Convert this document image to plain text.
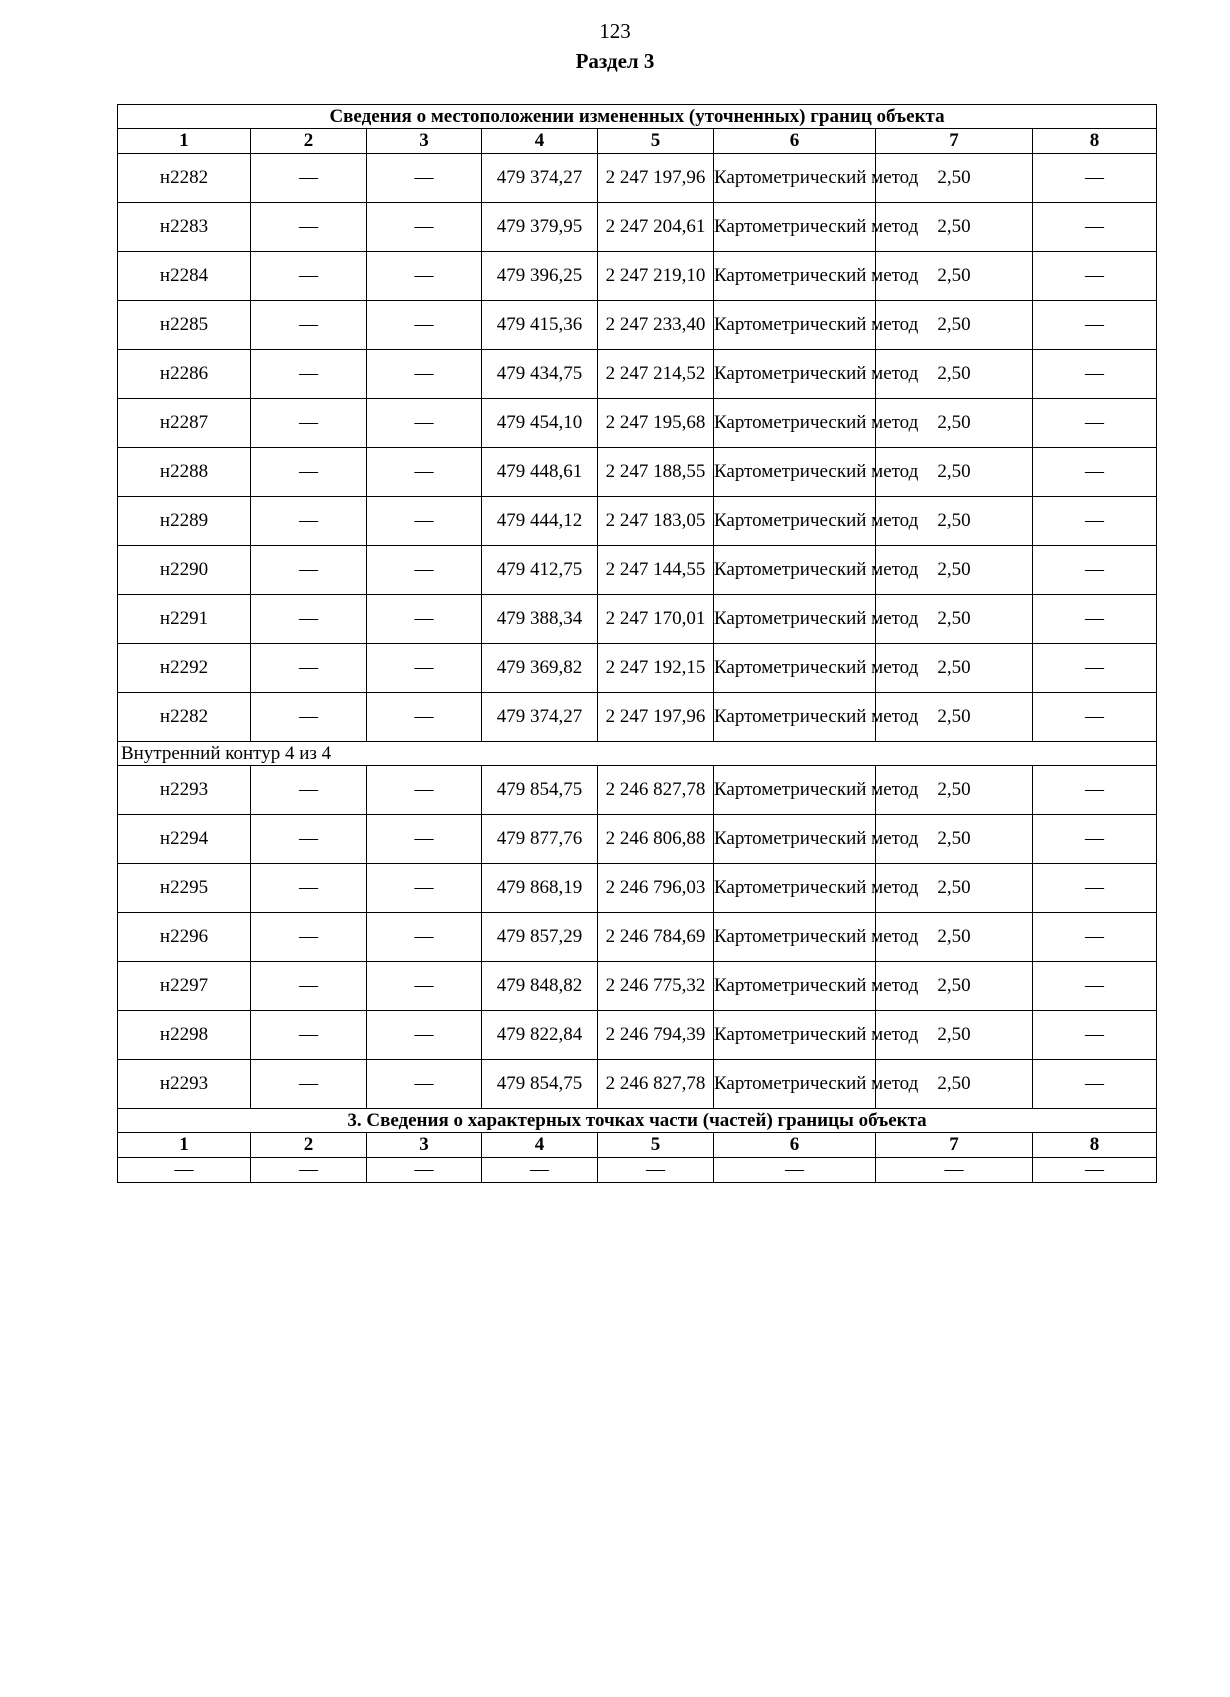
123
Раздел 3
Сведения о местоположении измененных (уточненных) границ объекта							
1	2	3	4	5	6	7	8
н2282	—	—	479 374,27	2 247 197,96	Картометрический метод	2,50	—
н2283	—	—	479 379,95	2 247 204,61	Картометрический метод	2,50	—
н2284	—	—	479 396,25	2 247 219,10	Картометрический метод	2,50	—
н2285	—	—	479 415,36	2 247 233,40	Картометрический метод	2,50	—
н2286	—	—	479 434,75	2 247 214,52	Картометрический метод	2,50	—
н2287	—	—	479 454,10	2 247 195,68	Картометрический метод	2,50	—
н2288	—	—	479 448,61	2 247 188,55	Картометрический метод	2,50	—
н2289	—	—	479 444,12	2 247 183,05	Картометрический метод	2,50	—
н2290	—	—	479 412,75	2 247 144,55	Картометрический метод	2,50	—
н2291	—	—	479 388,34	2 247 170,01	Картометрический метод	2,50	—
н2292	—	—	479 369,82	2 247 192,15	Картометрический метод	2,50	—
н2282	—	—	479 374,27	2 247 197,96	Картометрический метод	2,50	—
Внутренний контур 4 из 4							
н2293	—	—	479 854,75	2 246 827,78	Картометрический метод	2,50	—
н2294	—	—	479 877,76	2 246 806,88	Картометрический метод	2,50	—
н2295	—	—	479 868,19	2 246 796,03	Картометрический метод	2,50	—
н2296	—	—	479 857,29	2 246 784,69	Картометрический метод	2,50	—
н2297	—	—	479 848,82	2 246 775,32	Картометрический метод	2,50	—
н2298	—	—	479 822,84	2 246 794,39	Картометрический метод	2,50	—
н2293	—	—	479 854,75	2 246 827,78	Картометрический метод	2,50	—
3. Сведения о характерных точках части (частей) границы объекта							
1	2	3	4	5	6	7	8
—	—	—	—	—	—	—	—
